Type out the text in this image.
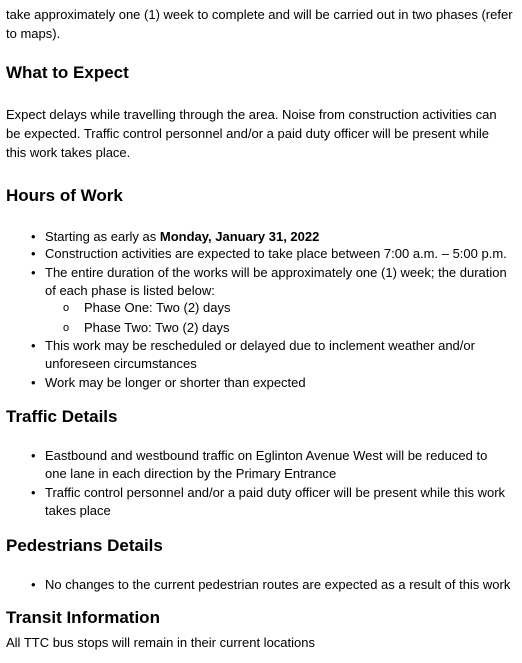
take approximately one (1) week to complete and will be carried out in two phases (refer

to maps).

What to Expect

Expect delays while travelling through the area. Noise from construction activities can

be expected. Traffic control personnel and/or a paid duty officer will be present while

this work takes place.

Hours of Work
• Starting as early as Monday, January 31, 2022

• Construction activities are expected to take place between 7:00 a.m. – 5:00 p.m.

• The entire duration of the works will be approximately one (1) week; the duration

of each phase is listed below:

o Phase One: Two (2) days

o Phase Two: Two (2) days

• This work may be rescheduled or delayed due to inclement weather and/or

unforeseen circumstances

• Work may be longer or shorter than expected

Traffic Details
• Eastbound and westbound traffic on Eglinton Avenue West will be reduced to

one lane in each direction by the Primary Entrance

• Traffic control personnel and/or a paid duty officer will be present while this work

takes place

Pedestrians Details
• No changes to the current pedestrian routes are expected as a result of this work

Transit Information

All TTC bus stops will remain in their current locations
